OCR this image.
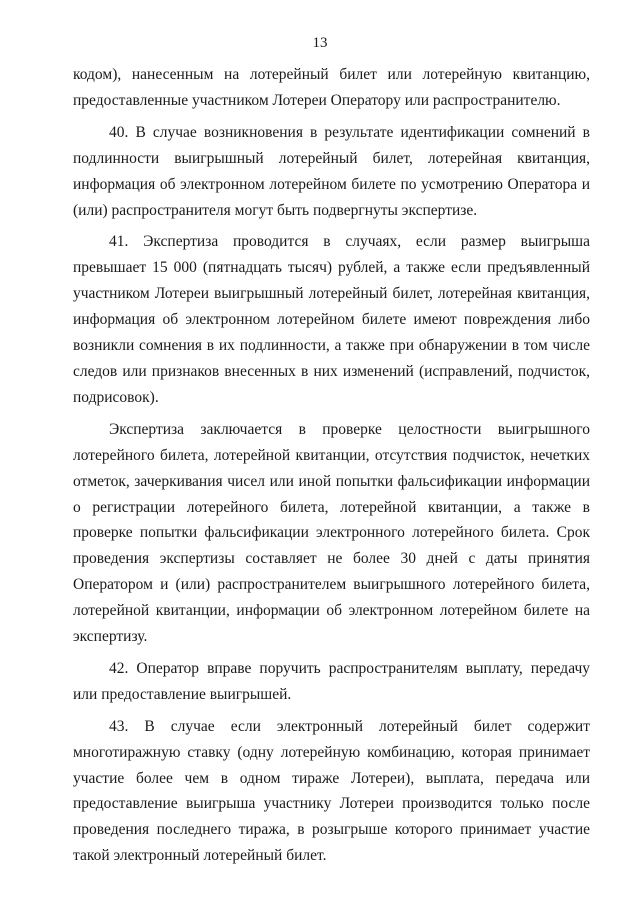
13

кодом), нанесенным на лотерейный билет или лотерейную квитанцию, предоставленные участником Лотереи Оператору или распространителю.

40. В случае возникновения в результате идентификации сомнений в подлинности выигрышный лотерейный билет, лотерейная квитанция, информация об электронном лотерейном билете по усмотрению Оператора и (или) распространителя могут быть подвергнуты экспертизе.

41. Экспертиза проводится в случаях, если размер выигрыша превышает 15 000 (пятнадцать тысяч) рублей, а также если предъявленный участником Лотереи выигрышный лотерейный билет, лотерейная квитанция, информация об электронном лотерейном билете имеют повреждения либо возникли сомнения в их подлинности, а также при обнаружении в том числе следов или признаков внесенных в них изменений (исправлений, подчисток, подрисовок).

Экспертиза заключается в проверке целостности выигрышного лотерейного билета, лотерейной квитанции, отсутствия подчисток, нечетких отметок, зачеркивания чисел или иной попытки фальсификации информации о регистрации лотерейного билета, лотерейной квитанции, а также в проверке попытки фальсификации электронного лотерейного билета. Срок проведения экспертизы составляет не более 30 дней с даты принятия Оператором и (или) распространителем выигрышного лотерейного билета, лотерейной квитанции, информации об электронном лотерейном билете на экспертизу.

42. Оператор вправе поручить распространителям выплату, передачу или предоставление выигрышей.

43. В случае если электронный лотерейный билет содержит многотиражную ставку (одну лотерейную комбинацию, которая принимает участие более чем в одном тираже Лотереи), выплата, передача или предоставление выигрыша участнику Лотереи производится только после проведения последнего тиража, в розыгрыше которого принимает участие такой электронный лотерейный билет.
